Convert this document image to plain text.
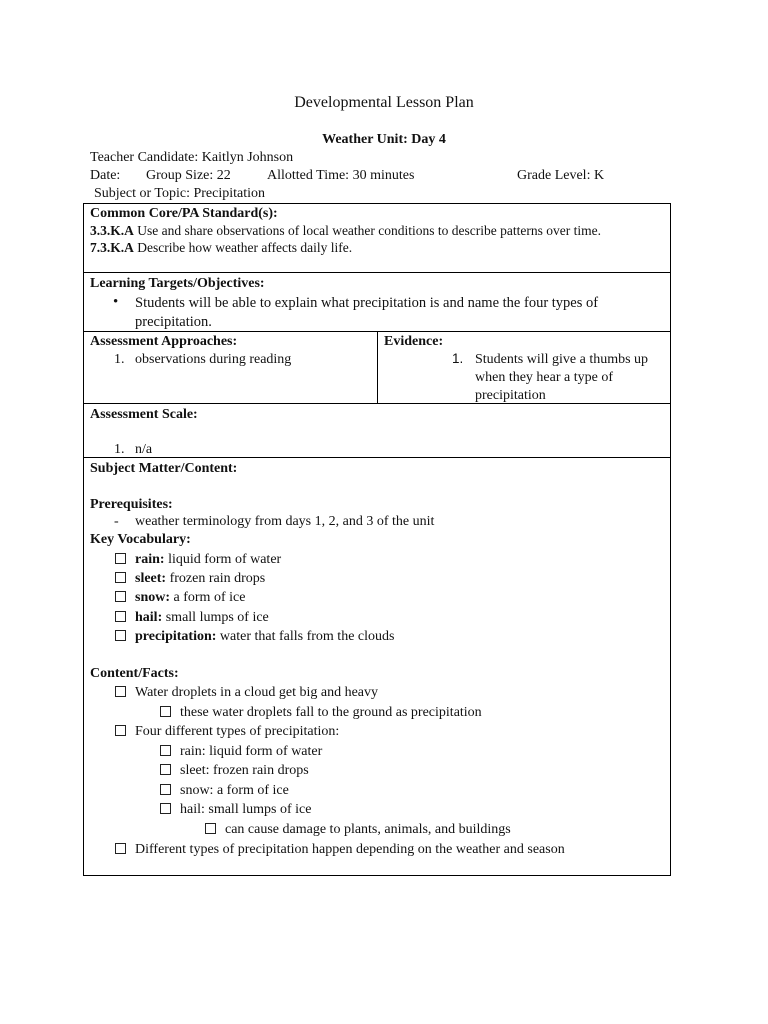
Developmental Lesson Plan
Weather Unit: Day 4
Teacher Candidate: Kaitlyn Johnson
Date: Group Size: 22	Allotted Time: 30 minutes	Grade Level: K
Subject or Topic: Precipitation
Common Core/PA Standard(s):
3.3.K.A Use and share observations of local weather conditions to describe patterns over time.
7.3.K.A Describe how weather affects daily life.
Learning Targets/Objectives:
• Students will be able to explain what precipitation is and name the four types of
precipitation.
Assessment Approaches:
1. observations during reading
Evidence:
1. Students will give a thumbs up
when they hear a type of
precipitation
Assessment Scale:
1. n/a
Subject Matter/Content:
Prerequisites:
- weather terminology from days 1, 2, and 3 of the unit
Key Vocabulary:
rain: liquid form of water
sleet: frozen rain drops
snow: a form of ice
hail: small lumps of ice
precipitation: water that falls from the clouds
Content/Facts:
Water droplets in a cloud get big and heavy
these water droplets fall to the ground as precipitation
Four different types of precipitation:
rain: liquid form of water
sleet: frozen rain drops
snow: a form of ice
hail: small lumps of ice
can cause damage to plants, animals, and buildings
Different types of precipitation happen depending on the weather and season
